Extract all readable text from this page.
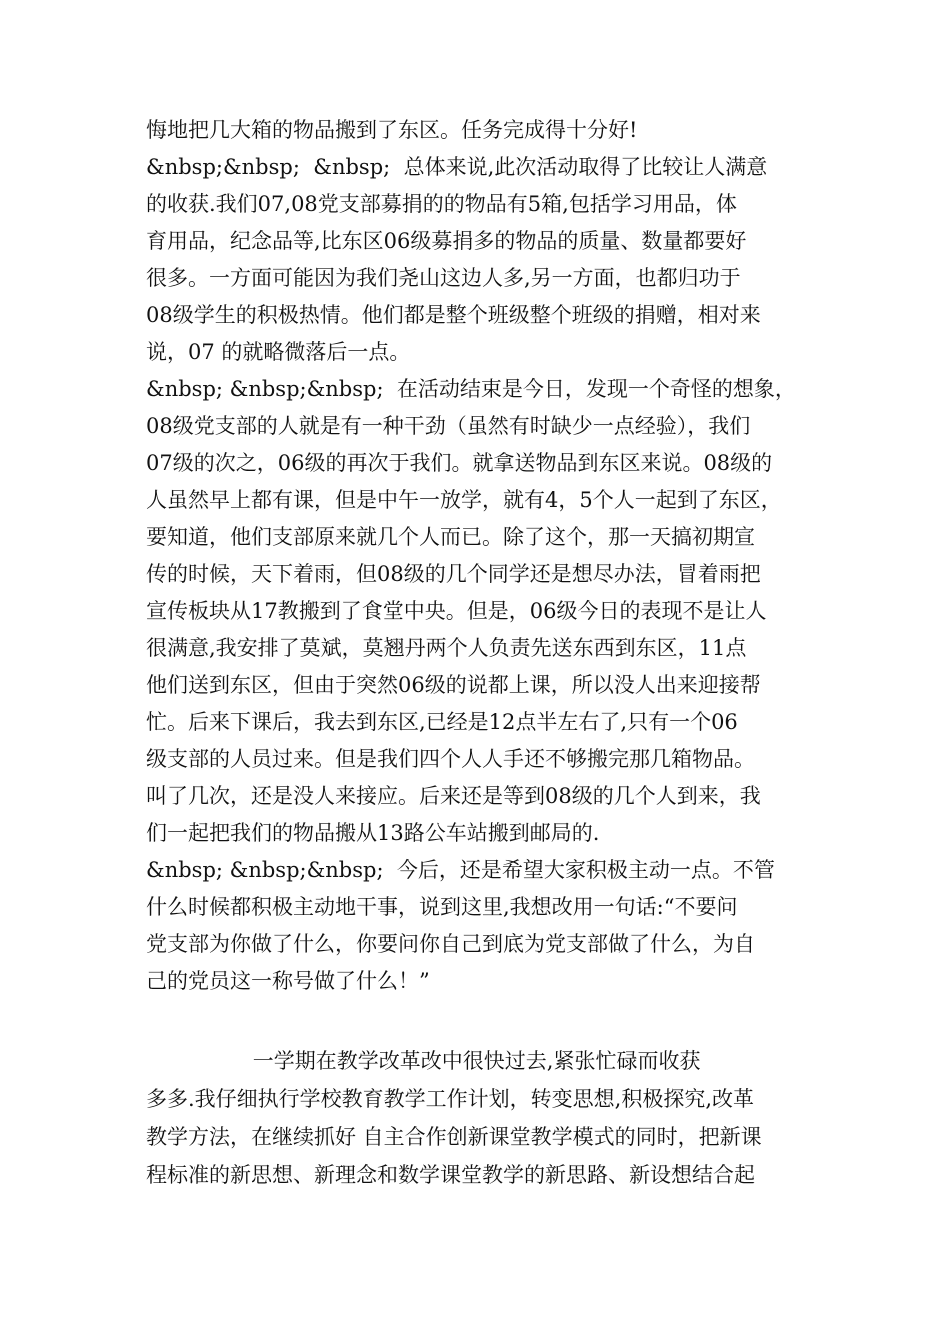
悔地把几大箱的物品搬到了东区。任务完成得十分好!
&nbsp;&nbsp;  &nbsp;  总体来说,此次活动取得了比较让人满意
的收获.我们07,08党支部募捐的的物品有5箱,包括学习用品，体
育用品，纪念品等,比东区06级募捐多的物品的质量、数量都要好
很多。一方面可能因为我们尧山这边人多,另一方面，也都归功于
08级学生的积极热情。他们都是整个班级整个班级的捐赠，相对来
说，07 的就略微落后一点。
&nbsp; &nbsp;&nbsp;  在活动结束是今日，发现一个奇怪的想象，
08级党支部的人就是有一种干劲（虽然有时缺少一点经验），我们
07级的次之，06级的再次于我们。就拿送物品到东区来说。08级的
人虽然早上都有课，但是中午一放学，就有4，5个人一起到了东区，
要知道，他们支部原来就几个人而已。除了这个，那一天搞初期宣
传的时候，天下着雨，但08级的几个同学还是想尽办法，冒着雨把
宣传板块从17教搬到了食堂中央。但是，06级今日的表现不是让人
很满意,我安排了莫斌，莫翘丹两个人负责先送东西到东区，11点
他们送到东区，但由于突然06级的说都上课，所以没人出来迎接帮
忙。后来下课后，我去到东区,已经是12点半左右了,只有一个06
级支部的人员过来。但是我们四个人人手还不够搬完那几箱物品。
叫了几次，还是没人来接应。后来还是等到08级的几个人到来，我
们一起把我们的物品搬从13路公车站搬到邮局的.
&nbsp; &nbsp;&nbsp;  今后，还是希望大家积极主动一点。不管
什么时候都积极主动地干事，说到这里,我想改用一句话:“不要问
党支部为你做了什么，你要问你自己到底为党支部做了什么，为自
己的党员这一称号做了什么！”
一学期在教学改革改中很快过去,紧张忙碌而收获
多多.我仔细执行学校教育教学工作计划，转变思想,积极探究,改革
教学方法，在继续抓好 自主合作创新课堂教学模式的同时，把新课
程标准的新思想、新理念和数学课堂教学的新思路、新设想结合起
